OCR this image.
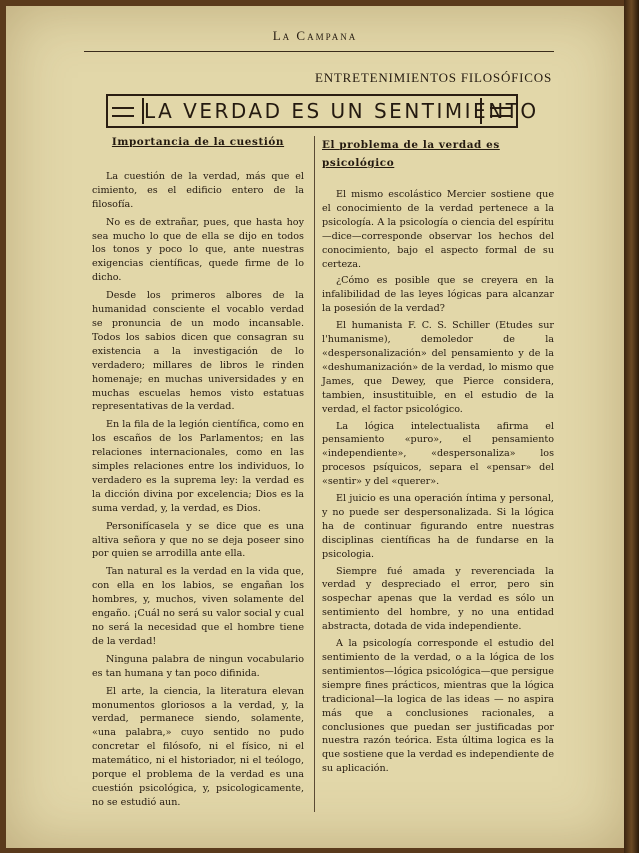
La Campana
ENTRETENIMIENTOS FILOSÓFICOS
LA VERDAD ES UN SENTIMIENTO
Importancia de la cuestión

La cuestión de la verdad, más que el cimiento, es el edificio entero de la filosofía.

No es de extrañar, pues, que hasta hoy sea mucho lo que de ella se dijo en todos los tonos y poco lo que, ante nuestras exigencias científicas, quede firme de lo dicho.

Desde los primeros albores de la humanidad consciente el vocablo verdad se pronuncia de un modo incansable. Todos los sabios dicen que consagran su existencia a la investigación de lo verdadero; millares de libros le rinden homenaje; en muchas universidades y en muchas escuelas hemos visto estatuas representativas de la verdad.

En la fila de la legión científica, como en los escaños de los Parlamentos; en las relaciones internacionales, como en las simples relaciones entre los individuos, lo verdadero es la suprema ley: la verdad es la dicción divina por excelencia; Dios es la suma verdad, y, la verdad, es Dios.

Personifícasela y se dice que es una altiva señora y que no se deja poseer sino por quien se arrodilla ante ella.

Tan natural es la verdad en la vida que, con ella en los labios, se engañan los hombres, y, muchos, viven solamente del engaño. ¡Cuál no será su valor social y cual no será la necesidad que el hombre tiene de la verdad!

Ninguna palabra de ningun vocabulario es tan humana y tan poco difinida.

El arte, la ciencia, la literatura elevan monumentos gloriosos a la verdad, y, la verdad, permanece siendo, solamente, «una palabra,» cuyo sentido no pudo concretar el filósofo, ni el físico, ni el matemático, ni el historiador, ni el teólogo, porque el problema de la verdad es una cuestión psicológica, y, psicologicamente, no se estudió aun.

El problema de la verdad es psicológico

El mismo escolástico Mercier sostiene que el conocimiento de la verdad pertenece a la psicología. A la psicología o ciencia del espíritu—dice—corresponde observar los hechos del conocimiento, bajo el aspecto formal de su certeza.

¿Cómo es posible que se creyera en la infalibilidad de las leyes lógicas para alcanzar la posesión de la verdad?

El humanista F. C. S. Schiller (Etudes sur l'humanisme), demoledor de la «despersonalización» del pensamiento y de la «deshumanización» de la verdad, lo mismo que James, que Dewey, que Pierce considera, tambien, insustituible, en el estudio de la verdad, el factor psicológico.

La lógica intelectualista afirma el pensamiento «puro», el pensamiento «independiente», «despersonaliza» los procesos psíquicos, separa el «pensar» del «sentir» y del «querer».

El juicio es una operación íntima y personal, y no puede ser despersonalizada. Si la lógica ha de continuar figurando entre nuestras disciplinas científicas ha de fundarse en la psicologia.

Siempre fué amada y reverenciada la verdad y despreciado el error, pero sin sospechar apenas que la verdad es sólo un sentimiento del hombre, y no una entidad abstracta, dotada de vida independiente.

A la psicología corresponde el estudio del sentimiento de la verdad, o a la lógica de los sentimientos—lógica psicológica—que persigue siempre fines prácticos, mientras que la lógica tradicional—la logica de las ideas — no aspira más que a conclusiones racionales, a conclusiones que puedan ser justificadas por nuestra razón teórica. Esta última logica es la que sostiene que la verdad es independiente de su aplicación.
